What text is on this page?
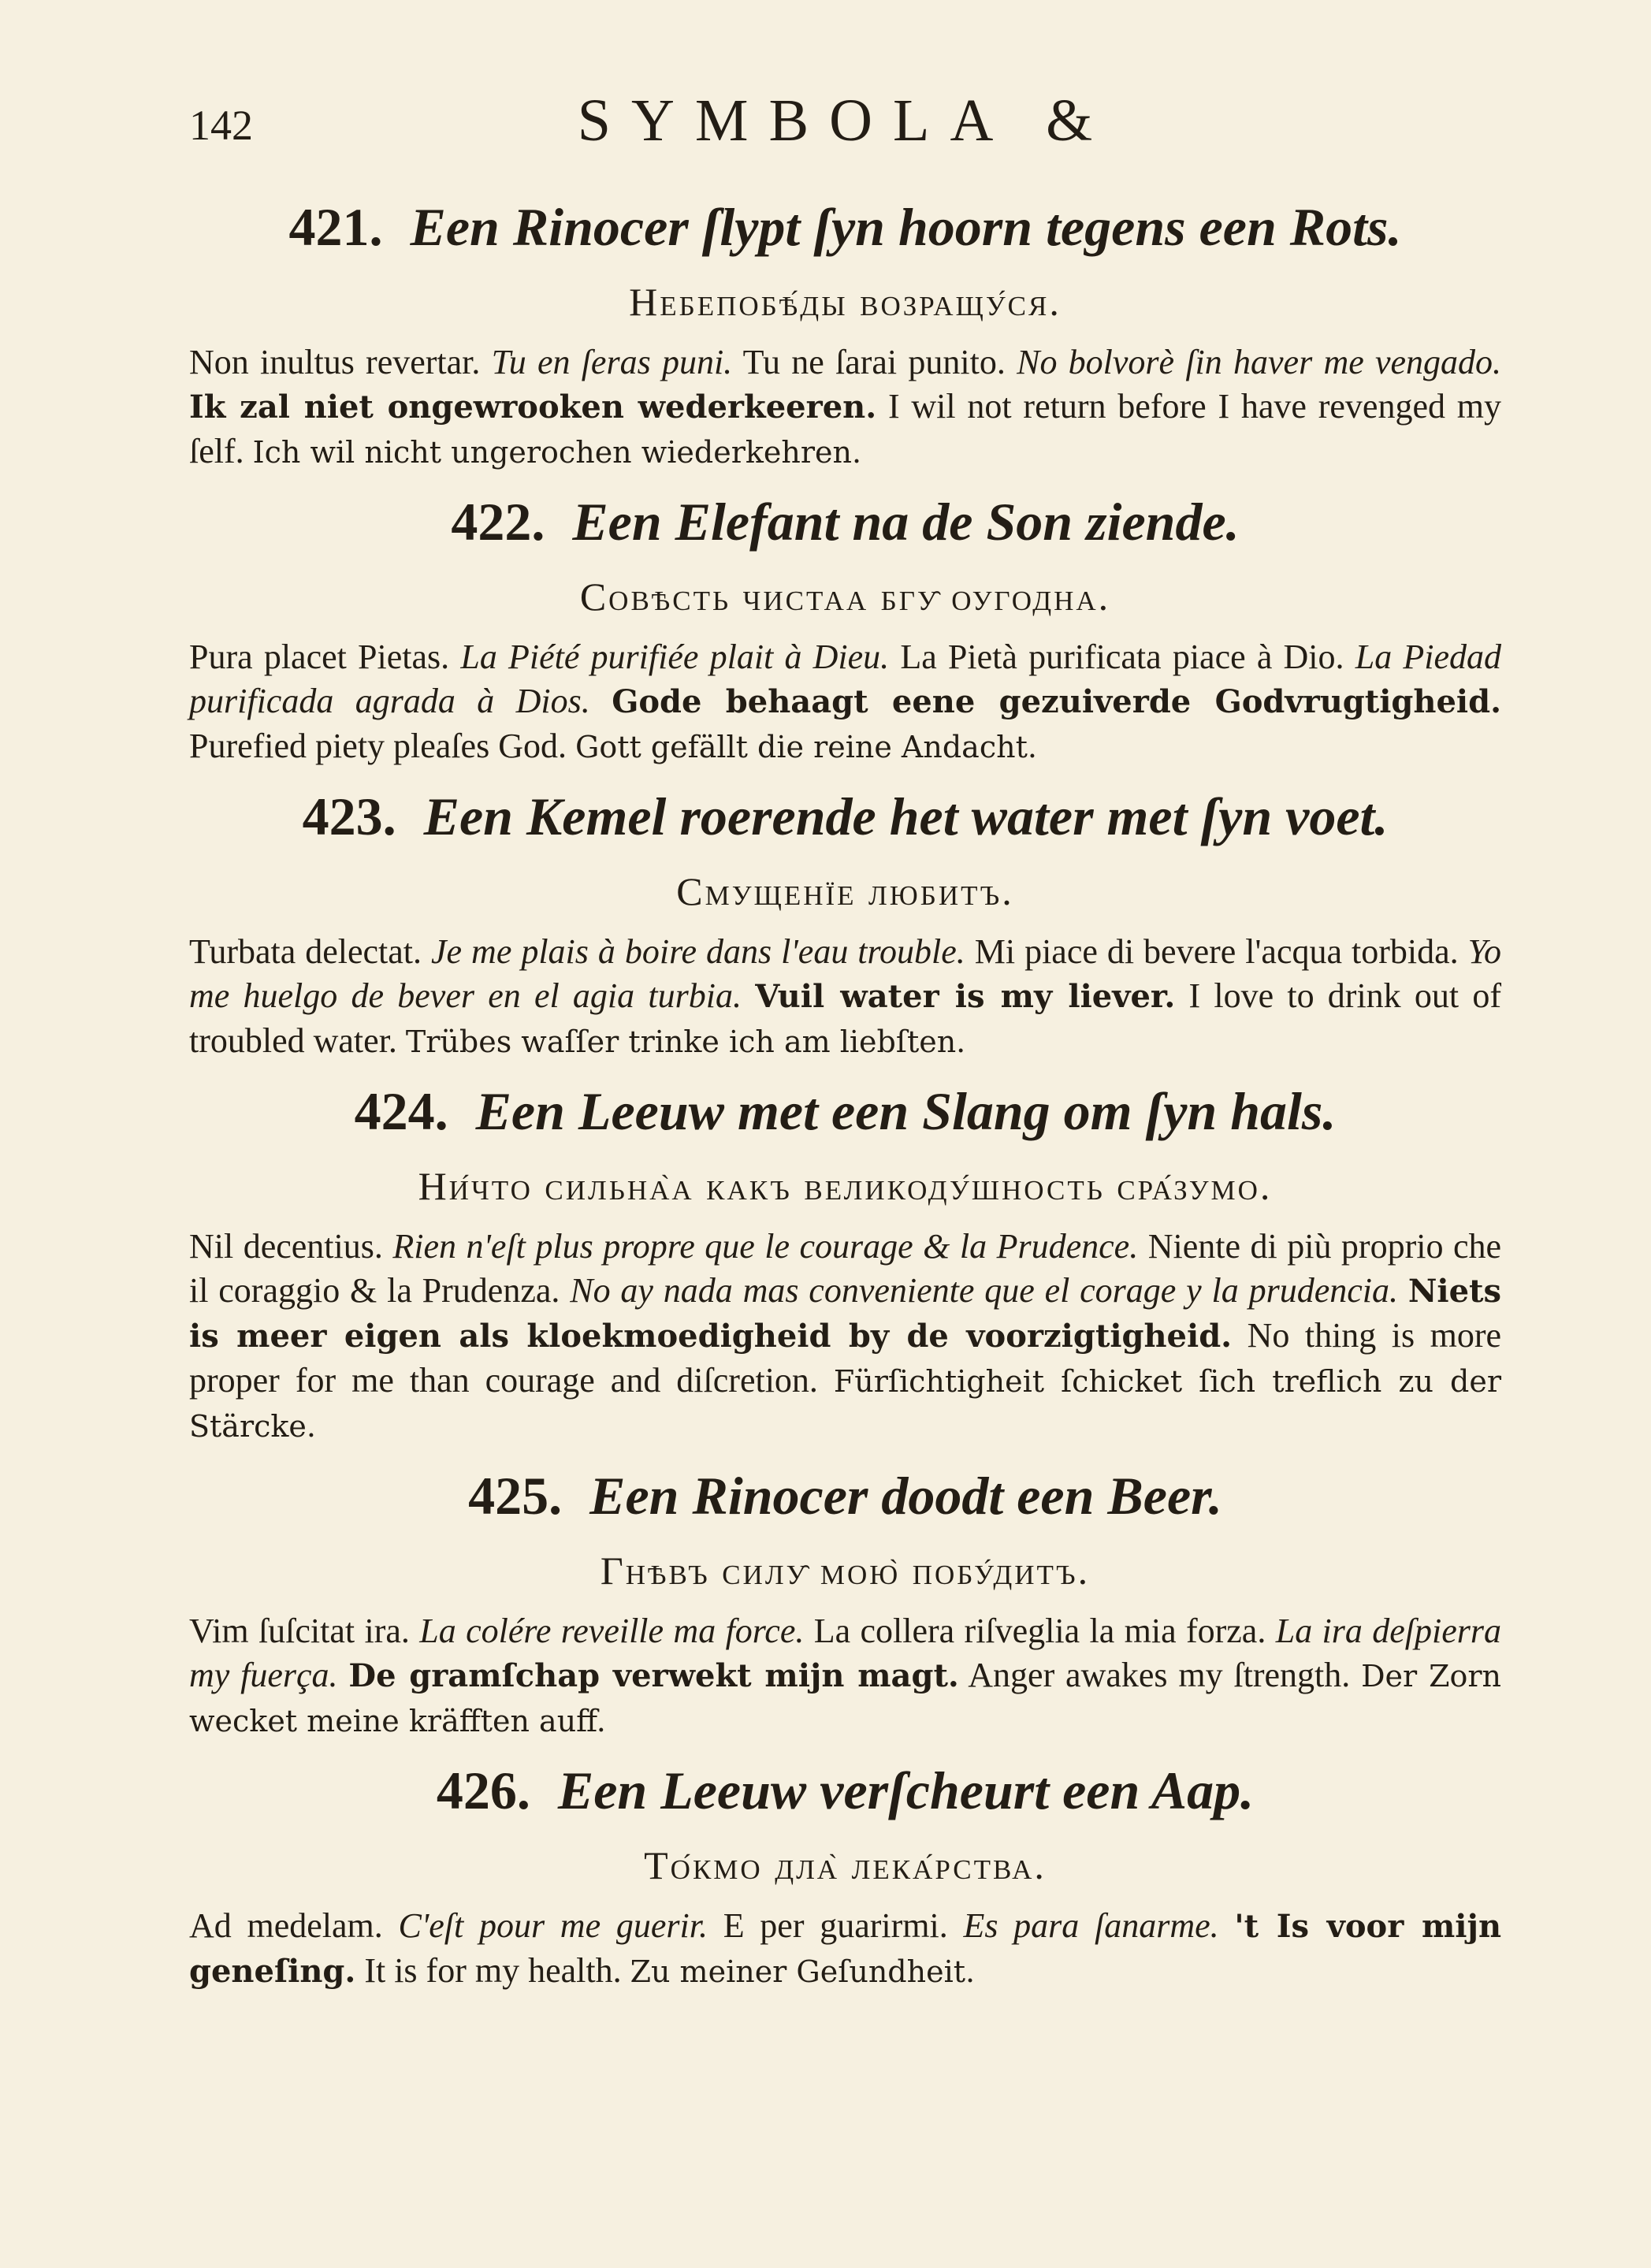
142	SYMBOLA &
421. Een Rinocer ſlypt ſyn hoorn tegens een Rots.
Небепобѣ́ды возращу́ся.

Non inultus revertar. Tu en ſeras puni. Tu ne ſarai punito. No bolvorè ſin haver me vengado. Ik zal niet ongewrooken wederkeeren. I wil not return before I have revenged my ſelf. Ich wil nicht ungerochen wiederkehren.

422. Een Elefant na de Son ziende.
Совѣсть чистаа бгу̑ оугодна.

Pura placet Pietas. La Piété purifiée plait à Dieu. La Pietà purificata piace à Dio. La Piedad purificada agrada à Dios. Gode behaagt eene gezuiverde Godvrugtigheid. Purefied piety pleaſes God. Gott gefällt die reine Andacht.

423. Een Kemel roerende het water met ſyn voet.
Смущенїе любитъ.

Turbata delectat. Je me plais à boire dans l'eau trouble. Mi piace di bevere l'acqua torbida. Yo me huelgo de bever en el agia turbia. Vuil water is my liever. I love to drink out of troubled water. Trübes waſſer trinke ich am liebſten.

424. Een Leeuw met een Slang om ſyn hals.
Ни́что сильна̀а какъ великоду́шность сра́зумо.

Nil decentius. Rien n'eſt plus propre que le courage & la Prudence. Niente di più proprio che il coraggio & la Prudenza. No ay nada mas conveniente que el corage y la prudencia. Niets is meer eigen als kloekmoedigheid by de voorzigtigheid. No thing is more proper for me than courage and diſcretion. Fürſichtigheit ſchicket ſich treflich zu der Stärcke.

425. Een Rinocer doodt een Beer.
Гнѣвъ силу̑ мою̀ побу́дитъ.

Vim ſuſcitat ira. La colére reveille ma force. La collera riſveglia la mia forza. La ira deſpierra my fuerça. De gramſchap verwekt mijn magt. Anger awakes my ſtrength. Der Zorn wecket meine kräfften auff.

426. Een Leeuw verſcheurt een Aap.
То́кмо дла̀ лека́рства.

Ad medelam. C'eſt pour me guerir. E per guarirmi. Es para ſanarme. 't Is voor mijn geneſing. It is for my health. Zu meiner Geſundheit.
